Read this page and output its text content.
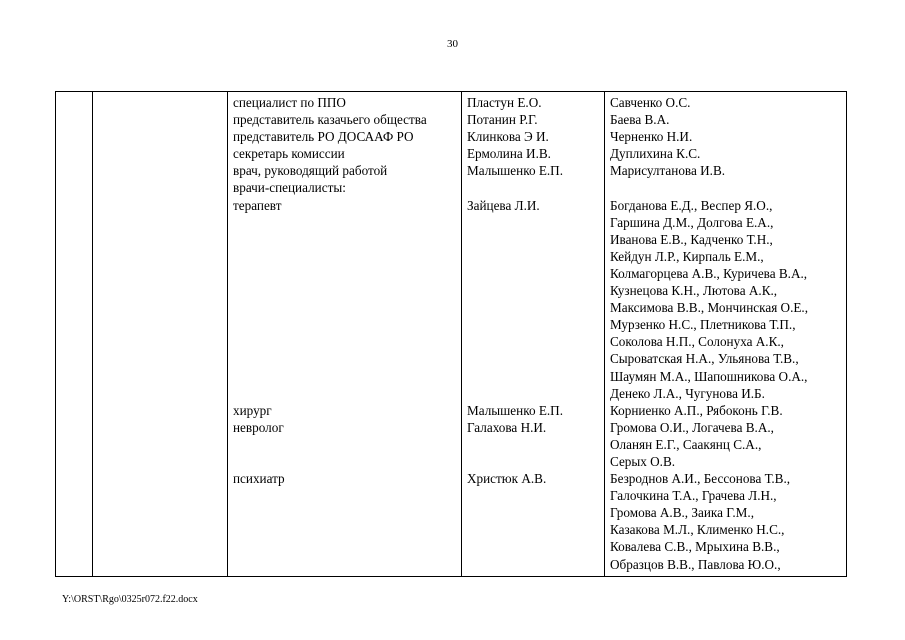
30
специалист по ППО
представитель казачьего общества
представитель РО ДОСААФ РО
секретарь комиссии
врач, руководящий работой
врачи-специалисты:
терапевт
хирург
невролог
психиатр
Пластун Е.О.
Потанин Р.Г.
Клинкова Э И.
Ермолина И.В.
Малышенко Е.П.
Зайцева Л.И.
Малышенко Е.П.
Галахова Н.И.
Христюк А.В.
Савченко О.С.
Баева В.А.
Черненко Н.И.
Дуплихина К.С.
Марисултанова И.В.
Богданова Е.Д., Веспер Я.О.,
Гаршина Д.М., Долгова Е.А.,
Иванова Е.В., Кадченко Т.Н.,
Кейдун Л.Р., Кирпаль Е.М.,
Колмагорцева А.В., Куричева В.А.,
Кузнецова К.Н., Лютова А.К.,
Максимова В.В., Мончинская О.Е.,
Мурзенко Н.С., Плетникова Т.П.,
Соколова Н.П., Солонуха А.К.,
Сыроватская Н.А., Ульянова Т.В.,
Шаумян М.А., Шапошникова О.А.,
Денеко Л.А., Чугунова И.Б.
Корниенко А.П., Рябоконь Г.В.
Громова О.И., Логачева В.А.,
Оланян Е.Г., Саакянц С.А.,
Серых О.В.
Безроднов А.И., Бессонова Т.В.,
Галочкина Т.А., Грачева Л.Н.,
Громова А.В., Заика Г.М.,
Казакова М.Л., Клименко Н.С.,
Ковалева С.В., Мрыхина В.В.,
Образцов В.В., Павлова Ю.О.,
Y:\ORST\Rgo\0325r072.f22.docx
